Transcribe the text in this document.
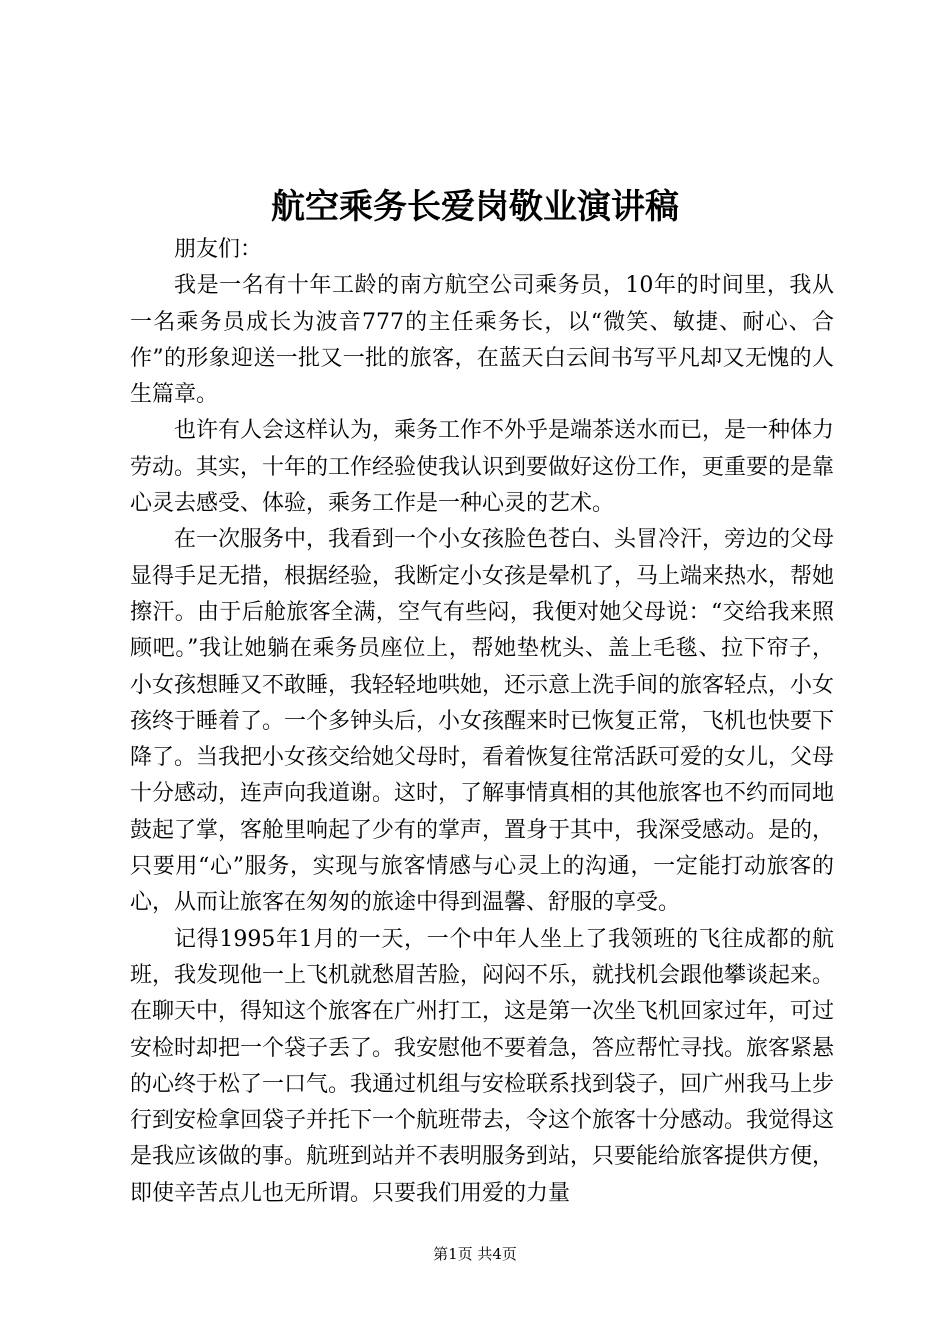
航空乘务长爱岗敬业演讲稿

朋友们：

我是一名有十年工龄的南方航空公司乘务员，10年的时间里，我从一名乘务员成长为波音777的主任乘务长，以“微笑、敏捷、耐心、合作”的形象迎送一批又一批的旅客，在蓝天白云间书写平凡却又无愧的人生篇章。

也许有人会这样认为，乘务工作不外乎是端茶送水而已，是一种体力劳动。其实，十年的工作经验使我认识到要做好这份工作，更重要的是靠心灵去感受、体验，乘务工作是一种心灵的艺术。

在一次服务中，我看到一个小女孩脸色苍白、头冒冷汗，旁边的父母显得手足无措，根据经验，我断定小女孩是晕机了，马上端来热水，帮她擦汗。由于后舱旅客全满，空气有些闷，我便对她父母说：“交给我来照顾吧。”我让她躺在乘务员座位上，帮她垫枕头、盖上毛毯、拉下帘子，小女孩想睡又不敢睡，我轻轻地哄她，还示意上洗手间的旅客轻点，小女孩终于睡着了。一个多钟头后，小女孩醒来时已恢复正常，飞机也快要下降了。当我把小女孩交给她父母时，看着恢复往常活跃可爱的女儿，父母十分感动，连声向我道谢。这时，了解事情真相的其他旅客也不约而同地鼓起了掌，客舱里响起了少有的掌声，置身于其中，我深受感动。是的，只要用“心”服务，实现与旅客情感与心灵上的沟通，一定能打动旅客的心，从而让旅客在匆匆的旅途中得到温馨、舒服的享受。

记得1995年1月的一天，一个中年人坐上了我领班的飞往成都的航班，我发现他一上飞机就愁眉苦脸，闷闷不乐，就找机会跟他攀谈起来。在聊天中，得知这个旅客在广州打工，这是第一次坐飞机回家过年，可过安检时却把一个袋子丢了。我安慰他不要着急，答应帮忙寻找。旅客紧悬的心终于松了一口气。我通过机组与安检联系找到袋子，回广州我马上步行到安检拿回袋子并托下一个航班带去，令这个旅客十分感动。我觉得这是我应该做的事。航班到站并不表明服务到站，只要能给旅客提供方便，即使辛苦点儿也无所谓。只要我们用爱的力量

第1页 共4页
